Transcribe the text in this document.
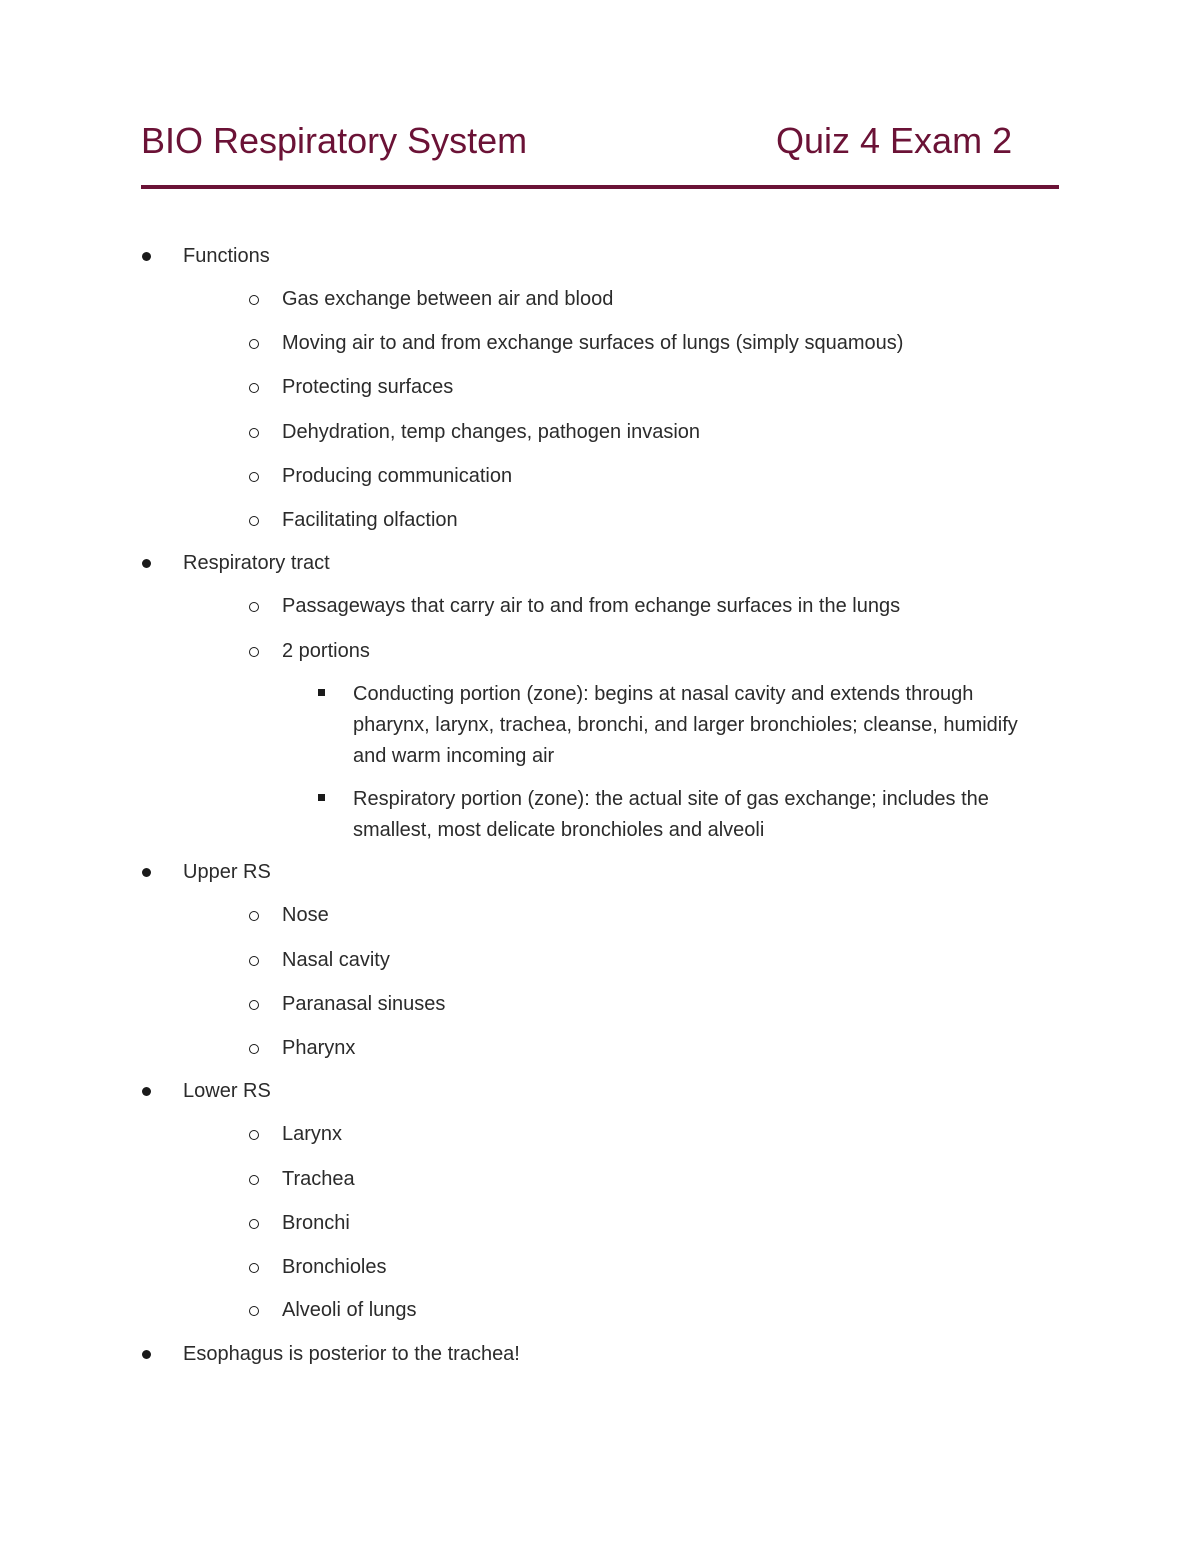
BIO Respiratory System	Quiz 4 Exam 2
Functions
Gas exchange between air and blood
Moving air to and from exchange surfaces of lungs (simply squamous)
Protecting surfaces
Dehydration, temp changes, pathogen invasion
Producing communication
Facilitating olfaction
Respiratory tract
Passageways that carry air to and from echange surfaces in the lungs
2 portions
Conducting portion (zone): begins at nasal cavity and extends through pharynx, larynx, trachea, bronchi, and larger bronchioles; cleanse, humidify and warm incoming air
Respiratory portion (zone): the actual site of gas exchange; includes the smallest, most delicate bronchioles and alveoli
Upper RS
Nose
Nasal cavity
Paranasal sinuses
Pharynx
Lower RS
Larynx
Trachea
Bronchi
Bronchioles
Alveoli of lungs
Esophagus is posterior to the trachea!
